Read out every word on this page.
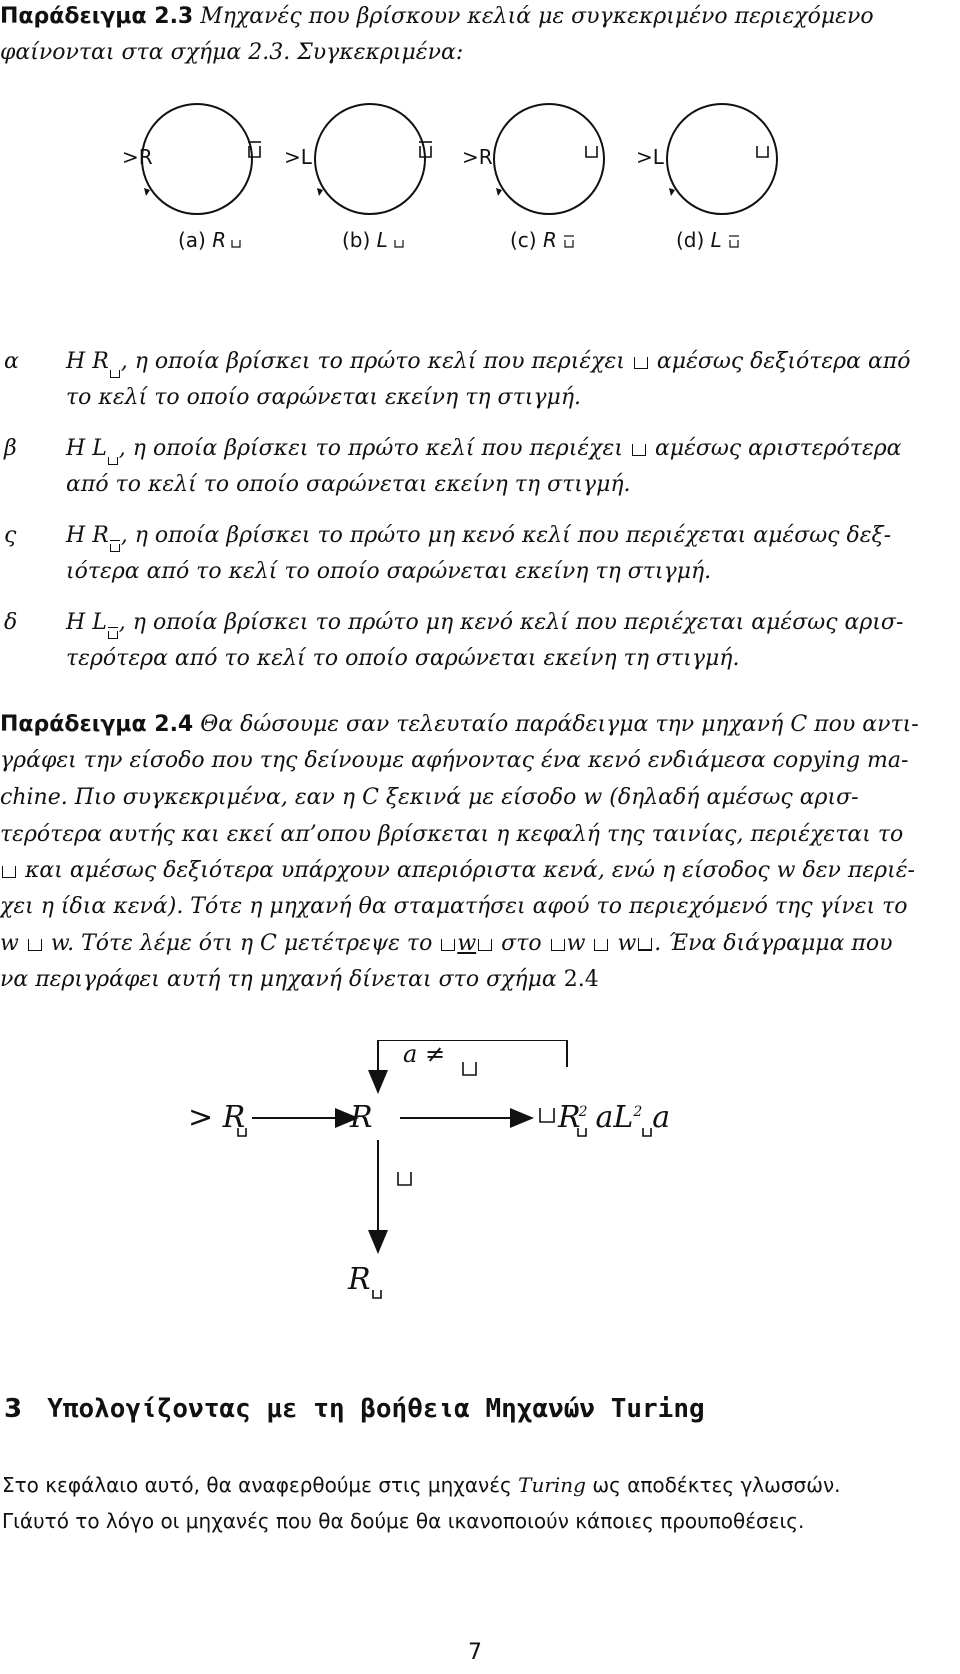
Παράδειγμα 2.3 Μηχανές που βρίσκουν κελιά με συγκεκριμένο περιεχόμενο
φαίνονται στα σχήμα 2.3. Συγκεκριμένα:
>R	>L	>R	>L
(a) R	(b) L	(c) R	(d) L
α Η R , η οποία βρίσκει το πρώτο κελί που περιέχει αμέσως δεξιότερα από
το κελί το οποίο σαρώνεται εκείνη τη στιγμή.
β Η L , η οποία βρίσκει το πρώτο κελί που περιέχει αμέσως αριστερότερα
από το κελί το οποίο σαρώνεται εκείνη τη στιγμή.
ς Η R , η οποία βρίσκει το πρώτο μη κενό κελί που περιέχεται αμέσως δεξ-
ιότερα από το κελί το οποίο σαρώνεται εκείνη τη στιγμή.
δ Η L , η οποία βρίσκει το πρώτο μη κενό κελί που περιέχεται αμέσως αρισ-
τερότερα από το κελί το οποίο σαρώνεται εκείνη τη στιγμή.
Παράδειγμα 2.4 Θα δώσουμε σαν τελευταίο παράδειγμα την μηχανή C που αντι-
γράφει την είσοδο που της δείνουμε αφήνοντας ένα κενό ενδιάμεσα copying ma-
chine. Πιο συγκεκριμένα, εαν η C ξεκινά με είσοδο w (δηλαδή αμέσως αρισ-
τερότερα αυτής και εκεί απ’οπου βρίσκεται η κεφαλή της ταινίας, περιέχεται το
και αμέσως δεξιότερα υπάρχουν απεριόριστα κενά, ενώ η είσοδος w δεν περιέ-
χει η ίδια κενά). Τότε η μηχανή θα σταματήσει αφού το περιεχόμενό της γίνει το
w w. Τότε λέμε ότι η C μετέτρεψε το w στο w w . Ένα διάγραμμα που
να περιγράφει αυτή τη μηχανή δίνεται στο σχήμα 2.4
> R	R
a ≠
$R^2$ $aL^2$ a
R
3 Υπολογίζοντας με τη βοήθεια Μηχανών Turing
Στο κεφάλαιο αυτό, θα αναφερθούμε στις μηχανές Turing ως αποδέκτες γλωσσών.
Γιάυτό το λόγο οι μηχανές που θα δούμε θα ικανοποιούν κάποιες προυποθέσεις.
7
